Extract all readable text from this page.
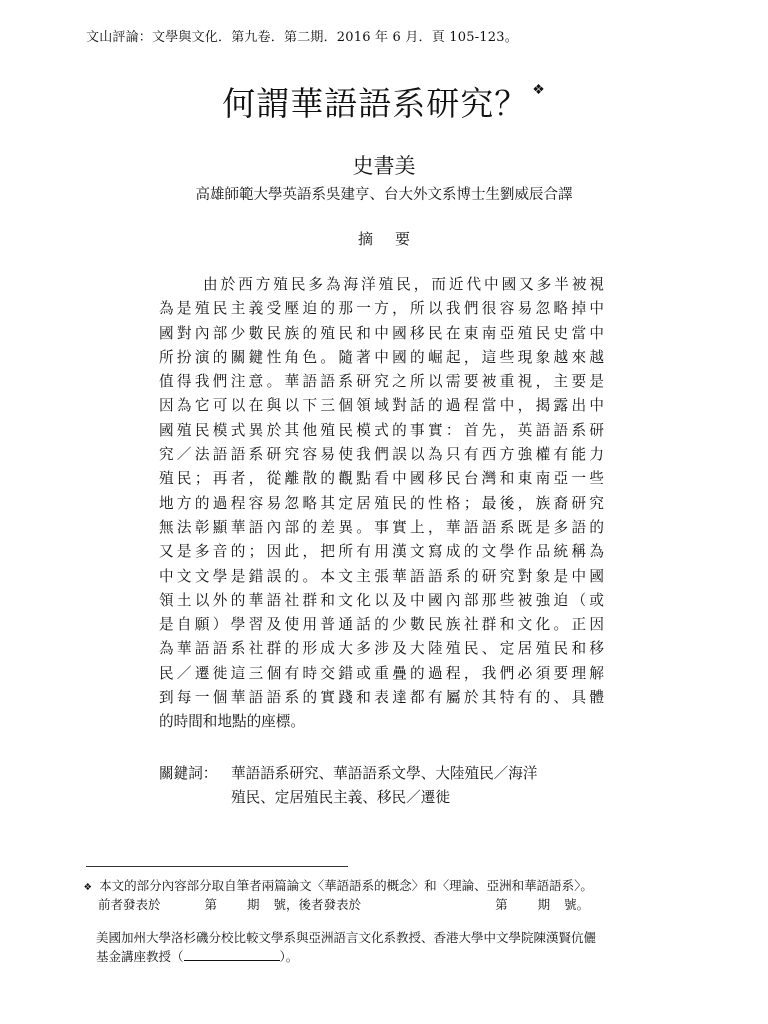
文山評論：文學與文化．第九卷．第二期．2016 年 6 月．頁 105-123。
何謂華語語系研究？ ❖
史書美
高雄師範大學英語系吳建亨、台大外文系博士生劉威辰合譯
摘要
由於西方殖民多為海洋殖民，而近代中國又多半被視
為是殖民主義受壓迫的那一方，所以我們很容易忽略掉中
國對內部少數民族的殖民和中國移民在東南亞殖民史當中
所扮演的關鍵性角色。隨著中國的崛起，這些現象越來越
值得我們注意。華語語系研究之所以需要被重視，主要是
因為它可以在與以下三個領域對話的過程當中，揭露出中
國殖民模式異於其他殖民模式的事實：首先，英語語系研
究／法語語系研究容易使我們誤以為只有西方強權有能力
殖民；再者，從離散的觀點看中國移民台灣和東南亞一些
地方的過程容易忽略其定居殖民的性格；最後，族裔研究
無法彰顯華語內部的差異。事實上，華語語系既是多語的
又是多音的；因此，把所有用漢文寫成的文學作品統稱為
中文文學是錯誤的。本文主張華語語系的研究對象是中國
領土以外的華語社群和文化以及中國內部那些被強迫（或
是自願）學習及使用普通話的少數民族社群和文化。正因
為華語語系社群的形成大多涉及大陸殖民、定居殖民和移
民／遷徙這三個有時交錯或重疊的過程，我們必須要理解
到每一個華語語系的實踐和表達都有屬於其特有的、具體
的時間和地點的座標。
關鍵詞： 華語語系研究、華語語系文學、大陸殖民／海洋
殖民、定居殖民主義、移民／遷徙
❖ 本文的部分內容部分取自筆者兩篇論文〈華語語系的概念〉和〈理論、亞洲和華語語系〉。
前者發表於	第 期 號，後者發表於	第 期 號。
美國加州大學洛杉磯分校比較文學系與亞洲語言文化系教授、香港大學中文學院陳漢賢伉儷
基金講座教授（	）。
